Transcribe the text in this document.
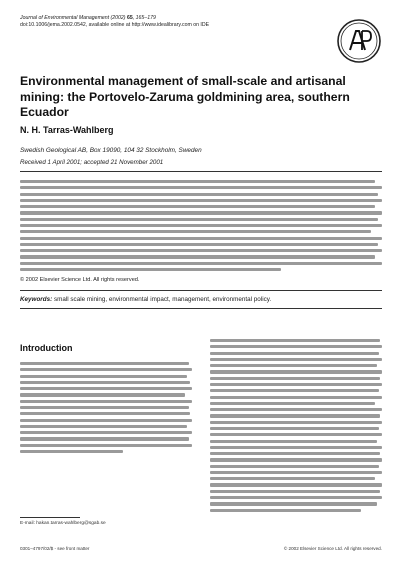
Journal of Environmental Management (2002) 65, 165–179
doi:10.1006/jema.2002.0542, available online at http://www.idealibrary.com on IDE
Environmental management of small-scale and artisanal mining: the Portovelo-Zaruma goldmining area, southern Ecuador
N. H. Tarras-Wahlberg
Swedish Geological AB, Box 19090, 104 32 Stockholm, Sweden
Received 1 April 2001; accepted 21 November 2001
© 2002 Elsevier Science Ltd. All rights reserved.
Keywords: small scale mining, environmental impact, management, environmental policy.
Introduction
E-mail: hakan.tarras-wahlberg@sgab.se
0301–4797/02/$ - see front matter	© 2002 Elsevier Science Ltd. All rights reserved.
